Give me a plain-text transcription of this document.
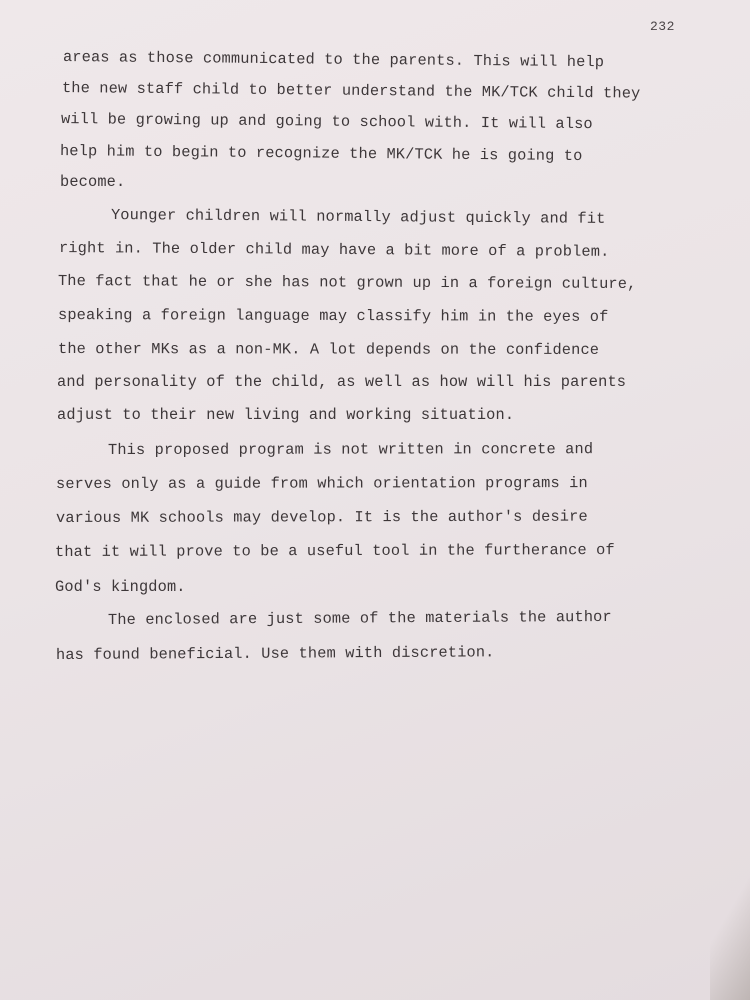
232
areas as those communicated to the parents. This will help
the new staff child to better understand the MK/TCK child they
will be growing up and going to school with. It will also
help him to begin to recognize the MK/TCK he is going to
become.
Younger children will normally adjust quickly and fit
right in. The older child may have a bit more of a problem.
The fact that he or she has not grown up in a foreign culture,
speaking a foreign language may classify him in the eyes of
the other MKs as a non-MK. A lot depends on the confidence
and personality of the child, as well as how will his parents
adjust to their new living and working situation.
This proposed program is not written in concrete and
serves only as a guide from which orientation programs in
various MK schools may develop. It is the author's desire
that it will prove to be a useful tool in the furtherance of
God's kingdom.
The enclosed are just some of the materials the author
has found beneficial. Use them with discretion.
